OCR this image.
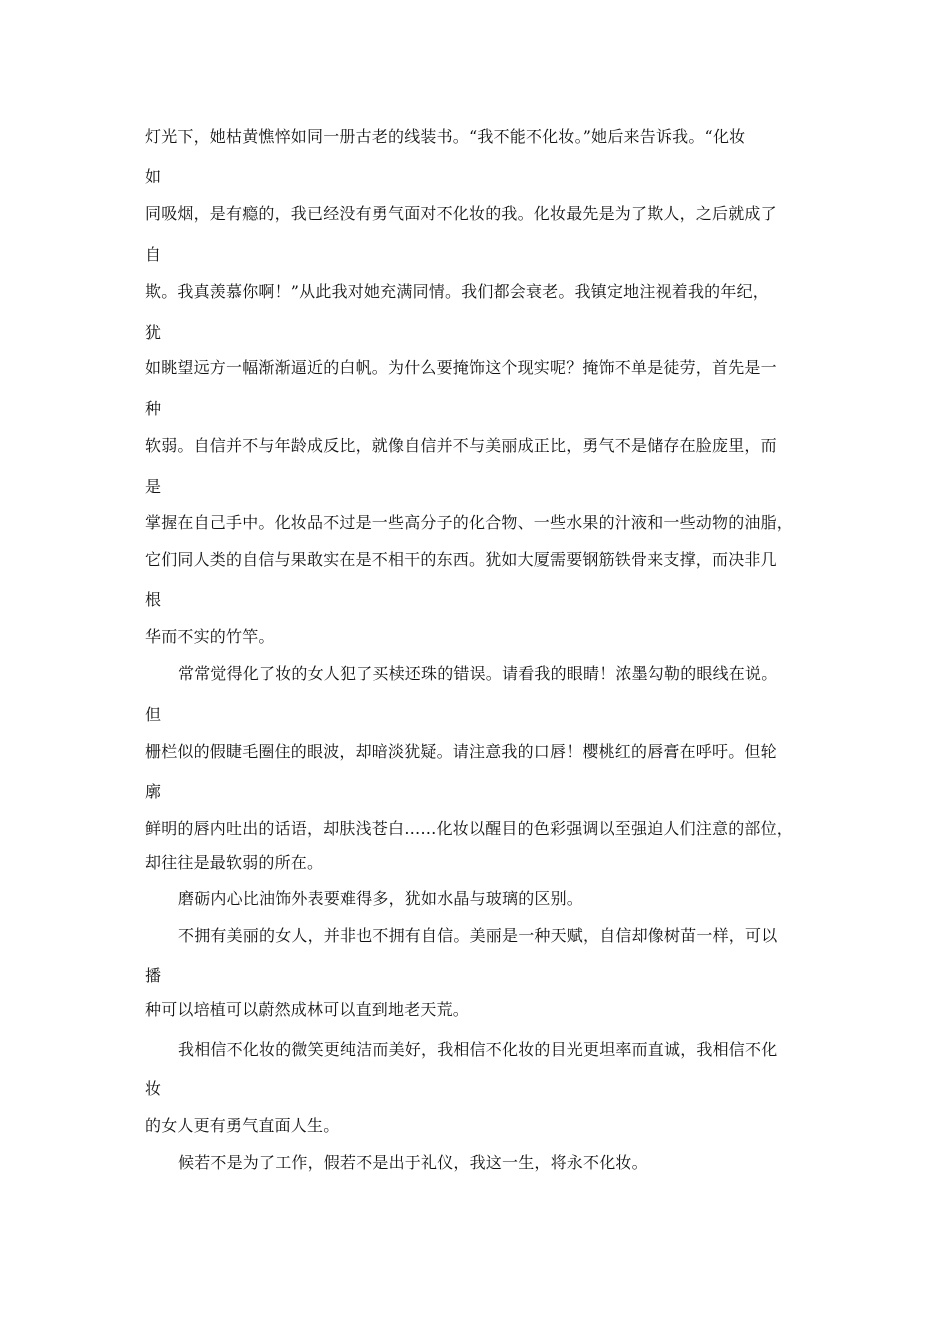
灯光下，她枯黄憔悴如同一册古老的线装书。“我不能不化妆。”她后来告诉我。“化妆
如
同吸烟，是有瘾的，我已经没有勇气面对不化妆的我。化妆最先是为了欺人，之后就成了
自
欺。我真羡慕你啊！”从此我对她充满同情。我们都会衰老。我镇定地注视着我的年纪，
犹
如眺望远方一幅渐渐逼近的白帆。为什么要掩饰这个现实呢？掩饰不单是徒劳，首先是一
种
软弱。自信并不与年龄成反比，就像自信并不与美丽成正比，勇气不是储存在脸庞里，而
是
掌握在自己手中。化妆品不过是一些高分子的化合物、一些水果的汁液和一些动物的油脂，
它们同人类的自信与果敢实在是不相干的东西。犹如大厦需要钢筋铁骨来支撑，而决非几
根
华而不实的竹竿。
常常觉得化了妆的女人犯了买椟还珠的错误。请看我的眼睛！浓墨勾勒的眼线在说。
但
栅栏似的假睫毛圈住的眼波，却暗淡犹疑。请注意我的口唇！樱桃红的唇膏在呼吁。但轮
廓
鲜明的唇内吐出的话语，却肤浅苍白……化妆以醒目的色彩强调以至强迫人们注意的部位，
却往往是最软弱的所在。
磨砺内心比油饰外表要难得多，犹如水晶与玻璃的区别。
不拥有美丽的女人，并非也不拥有自信。美丽是一种天赋，自信却像树苗一样，可以
播
种可以培植可以蔚然成林可以直到地老天荒。
我相信不化妆的微笑更纯洁而美好，我相信不化妆的目光更坦率而直诚，我相信不化
妆
的女人更有勇气直面人生。
候若不是为了工作，假若不是出于礼仪，我这一生，将永不化妆。
